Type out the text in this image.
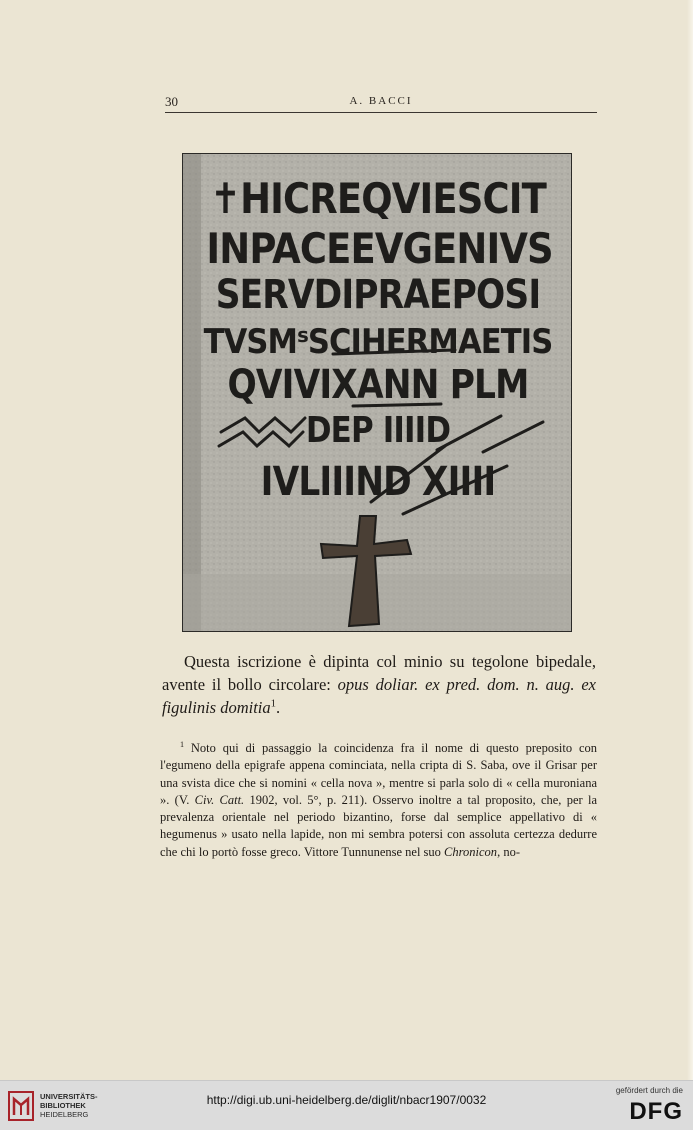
30	A. BACCI
✝HICREQVIESCIT
INPACEEVGENIVS
SERVDIPRAEPOSI
TVSMˢSCIHERMAETIS
QVIVIXANN PLM
DEP IIIID
IVLIIIND XIIII

Questa iscrizione è dipinta col minio su tegolone bipedale, avente il bollo circolare: opus doliar. ex pred. dom. n. aug. ex figulinis domitia$^1$.

$^1$ Noto qui di passaggio la coincidenza fra il nome di questo preposito con l'egumeno della epigrafe appena cominciata, nella cripta di S. Saba, ove il Grisar per una svista dice che si nomini « cella nova », mentre si parla solo di « cella muroniana ». (V. Civ. Catt. 1902, vol. 5°, p. 211). Osservo inoltre a tal proposito, che, per la prevalenza orientale nel periodo bizantino, forse dal semplice appellativo di « hegumenus » usato nella lapide, non mi sembra potersi con assoluta certezza dedurre che chi lo portò fosse greco. Vittore Tunnunense nel suo Chronicon, no-

UNIVERSITÄTS-
BIBLIOTHEK
HEIDELBERG
http://digi.ub.uni-heidelberg.de/diglit/nbacr1907/0032
gefördert durch die
DFG
